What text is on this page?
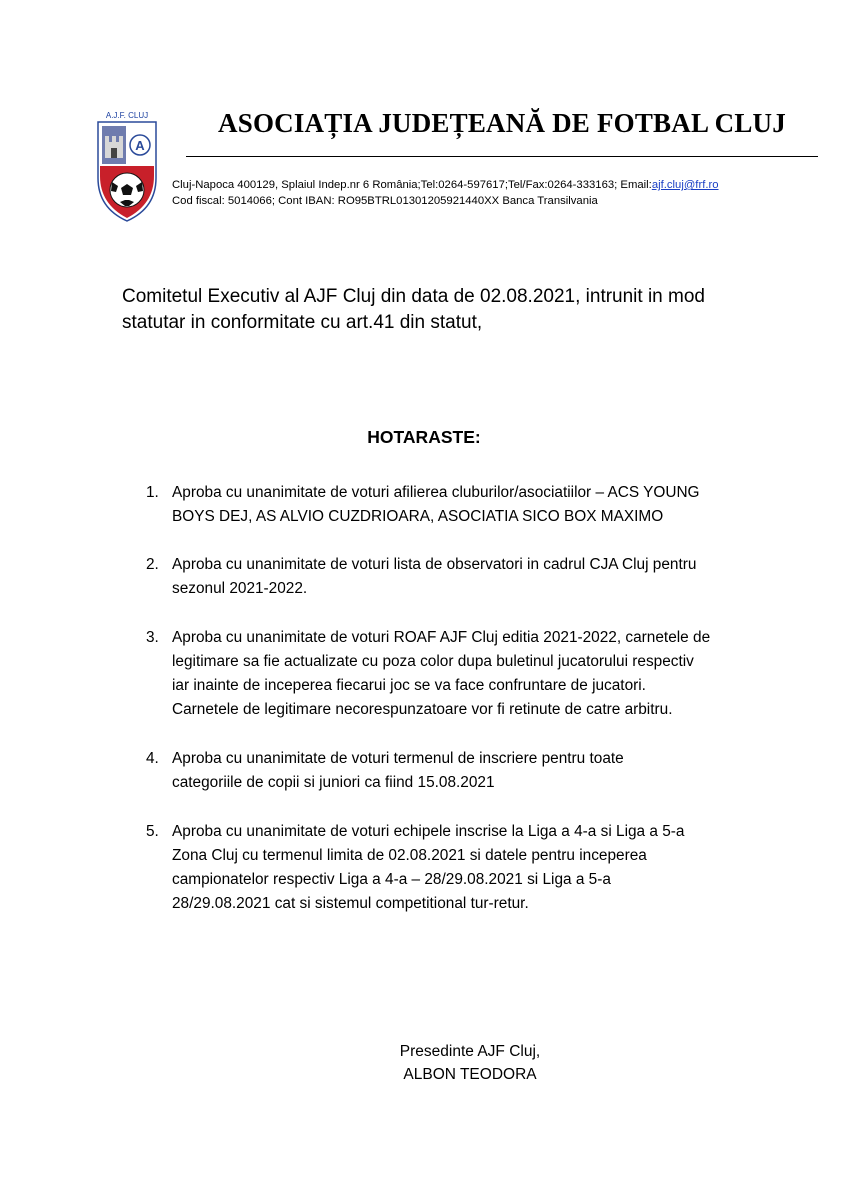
A.J.F. CLUJ
A
ASOCIAȚIA JUDEȚEANĂ DE FOTBAL CLUJ
Cluj-Napoca 400129, Splaiul Indep.nr 6 România;Tel:0264-597617;Tel/Fax:0264-333163; Email:ajf.cluj@frf.ro
Cod fiscal: 5014066; Cont IBAN: RO95BTRL01301205921440XX Banca Transilvania
Comitetul Executiv al AJF Cluj din data de 02.08.2021, intrunit in mod
statutar in conformitate cu art.41 din statut,
HOTARASTE:
1. Aproba cu unanimitate de voturi afilierea cluburilor/asociatiilor – ACS YOUNG
BOYS DEJ, AS ALVIO CUZDRIOARA, ASOCIATIA SICO BOX MAXIMO
2. Aproba cu unanimitate de voturi lista de observatori in cadrul CJA Cluj pentru
sezonul 2021-2022.
3. Aproba cu unanimitate de voturi ROAF AJF Cluj editia 2021-2022, carnetele de
legitimare sa fie actualizate cu poza color dupa buletinul jucatorului respectiv
iar inainte de inceperea fiecarui joc se va face confruntare de jucatori.
Carnetele de legitimare necorespunzatoare vor fi retinute de catre arbitru.
4. Aproba cu unanimitate de voturi termenul de inscriere pentru toate
categoriile de copii si juniori ca fiind 15.08.2021
5. Aproba cu unanimitate de voturi echipele inscrise la Liga a 4-a si Liga a 5-a
Zona Cluj cu termenul limita de 02.08.2021 si datele pentru inceperea
campionatelor respectiv Liga a 4-a – 28/29.08.2021 si Liga a 5-a
28/29.08.2021 cat si sistemul competitional tur-retur.
Presedinte AJF Cluj,
ALBON TEODORA
